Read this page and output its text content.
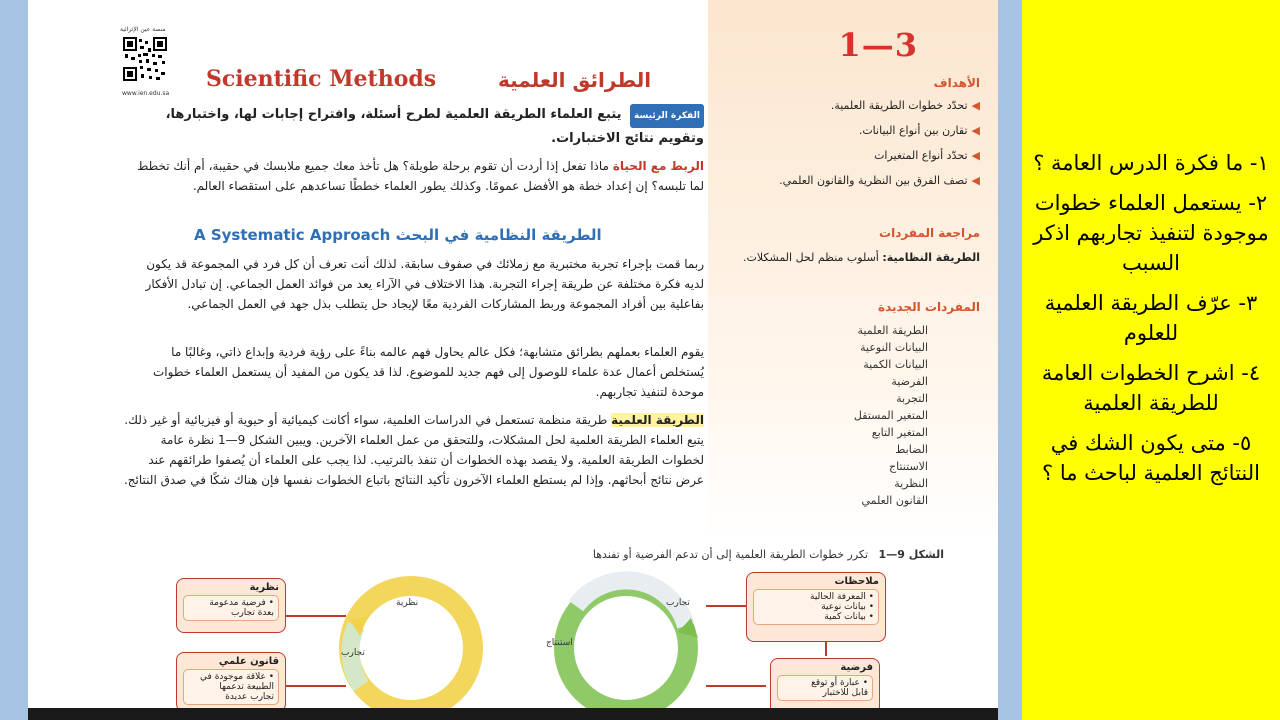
منصة عين الإثرائية
www.ien.edu.sa
Scientific Methods	الطرائق العلمية
الفكرة الرئيسة يتبع العلماء الطريقة العلمية لطرح أسئلة، وافتراح إجابات لها، واختبارها، وتقويم نتائج الاختبارات.
الربط مع الحياة ماذا تفعل إذا أردت أن تقوم برحلة طويلة؟ هل تأخذ معك جميع ملابسك في حقيبة، أم أنك تخطط لما تلبسه؟ إن إعداد خطة هو الأفضل عمومًا. وكذلك يطور العلماء خططًا تساعدهم على استقصاء العالم.
A Systematic Approach الطريقة النظامية في البحث
ربما قمت بإجراء تجربة مختبرية مع زملائك في صفوف سابقة. لذلك أنت تعرف أن كل فرد في المجموعة قد يكون لديه فكرة مختلفة عن طريقة إجراء التجربة. هذا الاختلاف في الآراء يعد من فوائد العمل الجماعي. إن تبادل الأفكار بفاعلية بين أفراد المجموعة وربط المشاركات الفردية معًا لإيجاد حل يتطلب بذل جهد في العمل الجماعي.
يقوم العلماء بعملهم بطرائق متشابهة؛ فكل عالم يحاول فهم عالمه بناءً على رؤية فردية وإبداع ذاتي، وغالبًا ما يُستخلص أعمال عدة علماء للوصول إلى فهم جديد للموضوع. لذا قد يكون من المفيد أن يستعمل العلماء خطوات موحدة لتنفيذ تجاربهم.
الطريقة العلمية طريقة منظمة تستعمل في الدراسات العلمية، سواء أكانت كيميائية أو حيوية أو فيزيائية أو غير ذلك. يتبع العلماء الطريقة العلمية لحل المشكلات، وللتحقق من عمل العلماء الآخرين. ويبين الشكل 9—1 نظرة عامة لخطوات الطريقة العلمية. ولا يقصد بهذه الخطوات أن تنفذ بالترتيب. لذا يجب على العلماء أن يُصفوا طرائقهم عند عرض نتائج أبحاثهم. وإذا لم يستطع العلماء الآخرون تأكيد النتائج باتباع الخطوات نفسها فإن هناك شكًا في صدق النتائج.
1—3
الأهداف
◀تحدّد خطوات الطريقة العلمية.
◀تقارن بين أنواع البيانات.
◀تحدّد أنواع المتغيرات
◀تصف الفرق بين النظرية والقانون العلمي.
مراجعة المفردات
الطريقة النظامية: أسلوب منظم لحل المشكلات.
المفردات الجديدة
الطريقة العلمية
البيانات النوعية
البيانات الكمية
الفرضية
التجربة
المتغير المستقل
المتغير التابع
الضابط
الاستنتاج
النظرية
القانون العلمي
الشكل 9—1   تكرر خطوات الطريقة العلمية إلى أن تدعم الفرضية أو تفندها
نظرية
تجارب
استنتاج
تجارب
ملاحظات
• المعرفة الحالية
• بيانات نوعية
• بيانات كمية
فرضية
• عبارة أو توقع
قابل للاختبار
نظرية
• فرضية مدعومة
بعدة تجارب
قانون علمي
• علاقة موجودة في
الطبيعة تدعمها
تجارب عديدة
١- ما فكرة الدرس العامة ؟
٢- يستعمل العلماء خطوات موجودة لتنفيذ تجاربهم اذكر السبب
٣- عرّف الطريقة العلمية للعلوم
٤- اشرح الخطوات العامة للطريقة العلمية
٥- متى يكون الشك في النتائج العلمية لباحث ما ؟
